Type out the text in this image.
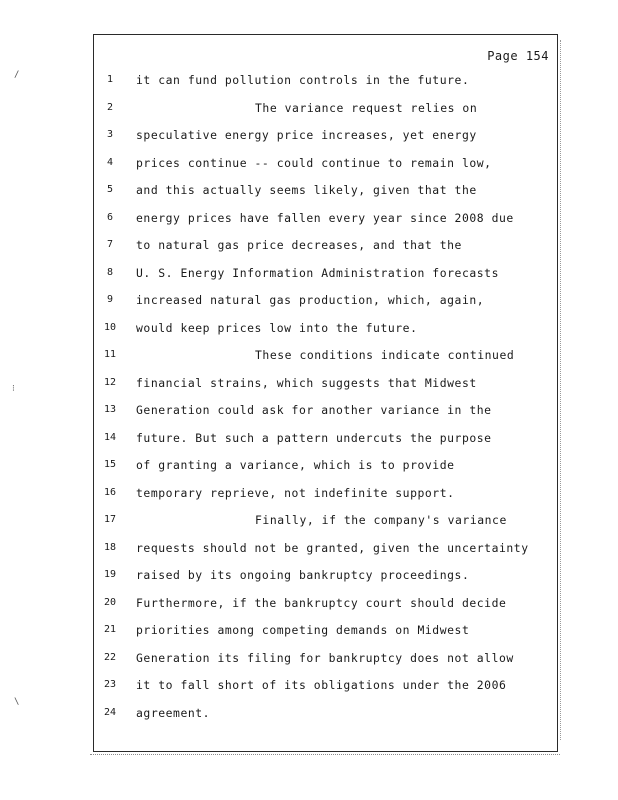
/
⁝
\
Page 154
1	it can fund pollution controls in the future.
2	The variance request relies on
3	speculative energy price increases, yet energy
4	prices continue -- could continue to remain low,
5	and this actually seems likely, given that the
6	energy prices have fallen every year since 2008 due
7	to natural gas price decreases, and that the
8	U. S. Energy Information Administration forecasts
9	increased natural gas production, which, again,
10	would keep prices low into the future.
11	These conditions indicate continued
12	financial strains, which suggests that Midwest
13	Generation could ask for another variance in the
14	future. But such a pattern undercuts the purpose
15	of granting a variance, which is to provide
16	temporary reprieve, not indefinite support.
17	Finally, if the company's variance
18	requests should not be granted, given the uncertainty
19	raised by its ongoing bankruptcy proceedings.
20	Furthermore, if the bankruptcy court should decide
21	priorities among competing demands on Midwest
22	Generation its filing for bankruptcy does not allow
23	it to fall short of its obligations under the 2006
24	agreement.
